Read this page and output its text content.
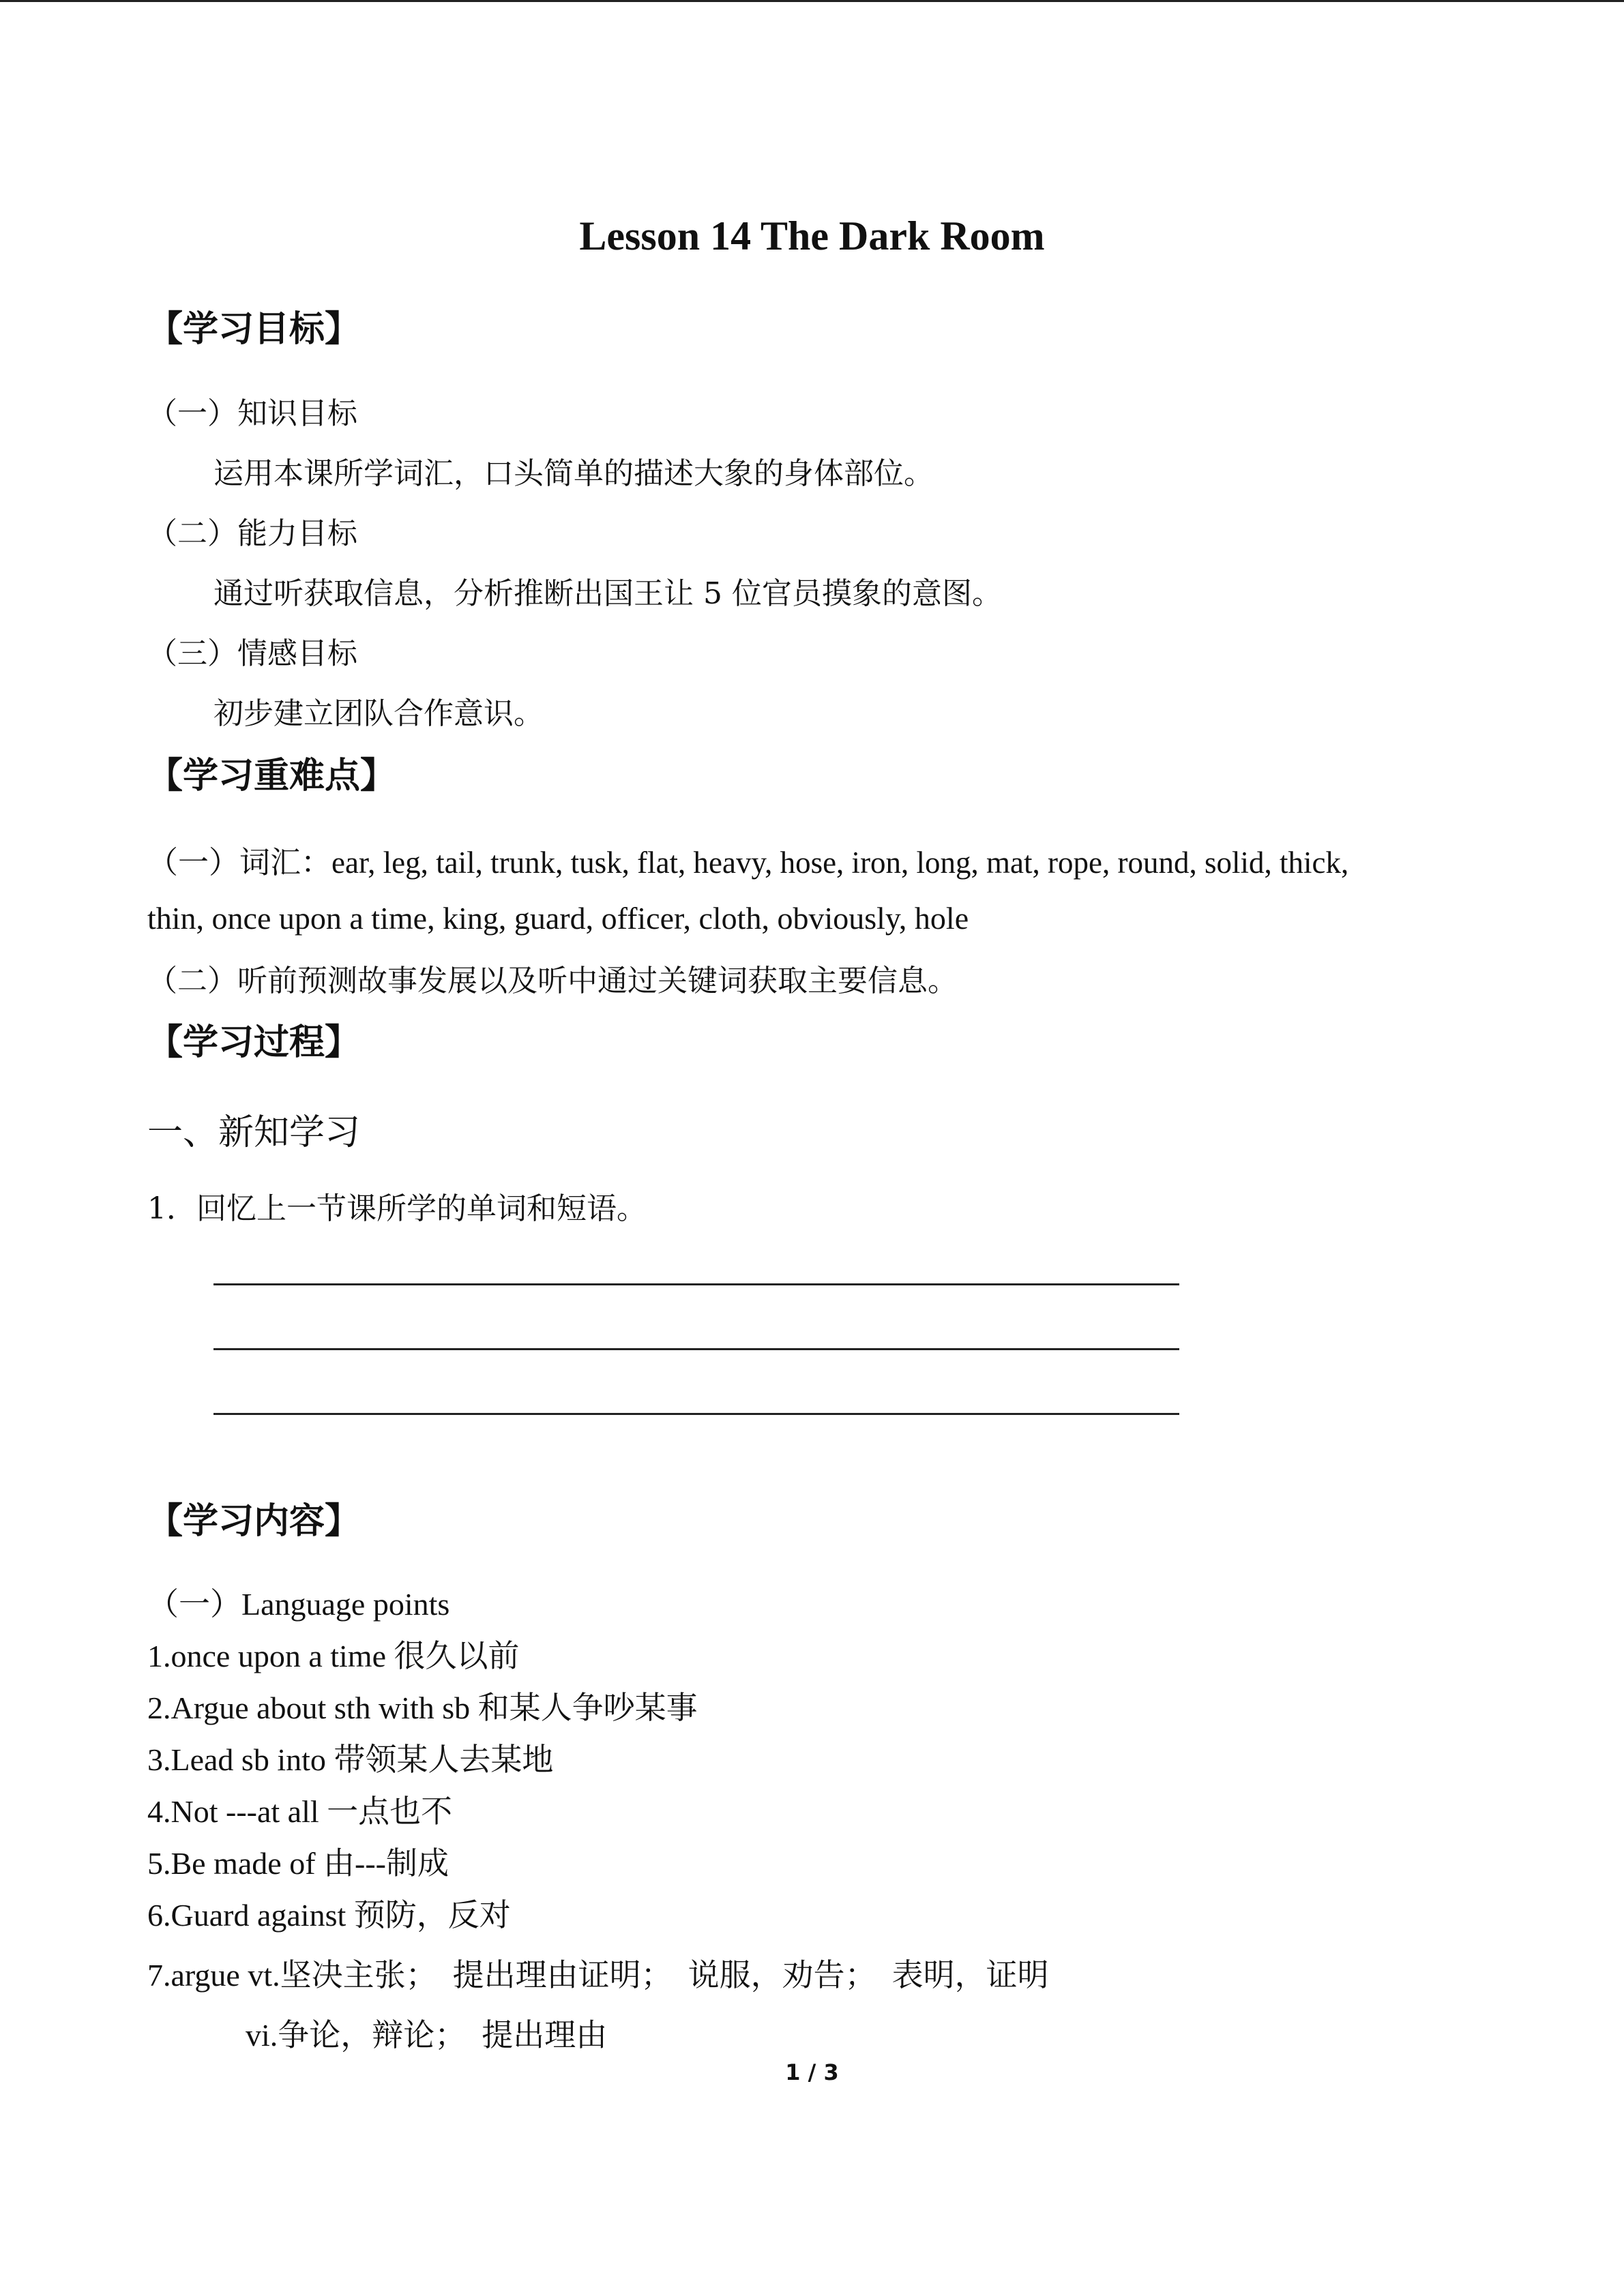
Lesson 14 The Dark Room
【学习目标】
（一）知识目标
运用本课所学词汇，口头简单的描述大象的身体部位。
（二）能力目标
通过听获取信息，分析推断出国王让 5 位官员摸象的意图。
（三）情感目标
初步建立团队合作意识。
【学习重难点】
（一）词汇：ear, leg, tail, trunk, tusk, flat, heavy, hose, iron, long, mat, rope, round, solid, thick,
thin, once upon a time, king, guard, officer, cloth, obviously, hole
（二）听前预测故事发展以及听中通过关键词获取主要信息。
【学习过程】
一、新知学习
1．回忆上一节课所学的单词和短语。
【学习内容】
（一）Language points
1.once upon a time 很久以前
2.Argue about sth with sb 和某人争吵某事
3.Lead sb into 带领某人去某地
4.Not ---at all 一点也不
5.Be made of 由---制成
6.Guard against 预防，反对
7.argue vt.坚决主张；　提出理由证明；　说服，劝告；　表明，证明
vi.争论，辩论；　提出理由
1 / 3
